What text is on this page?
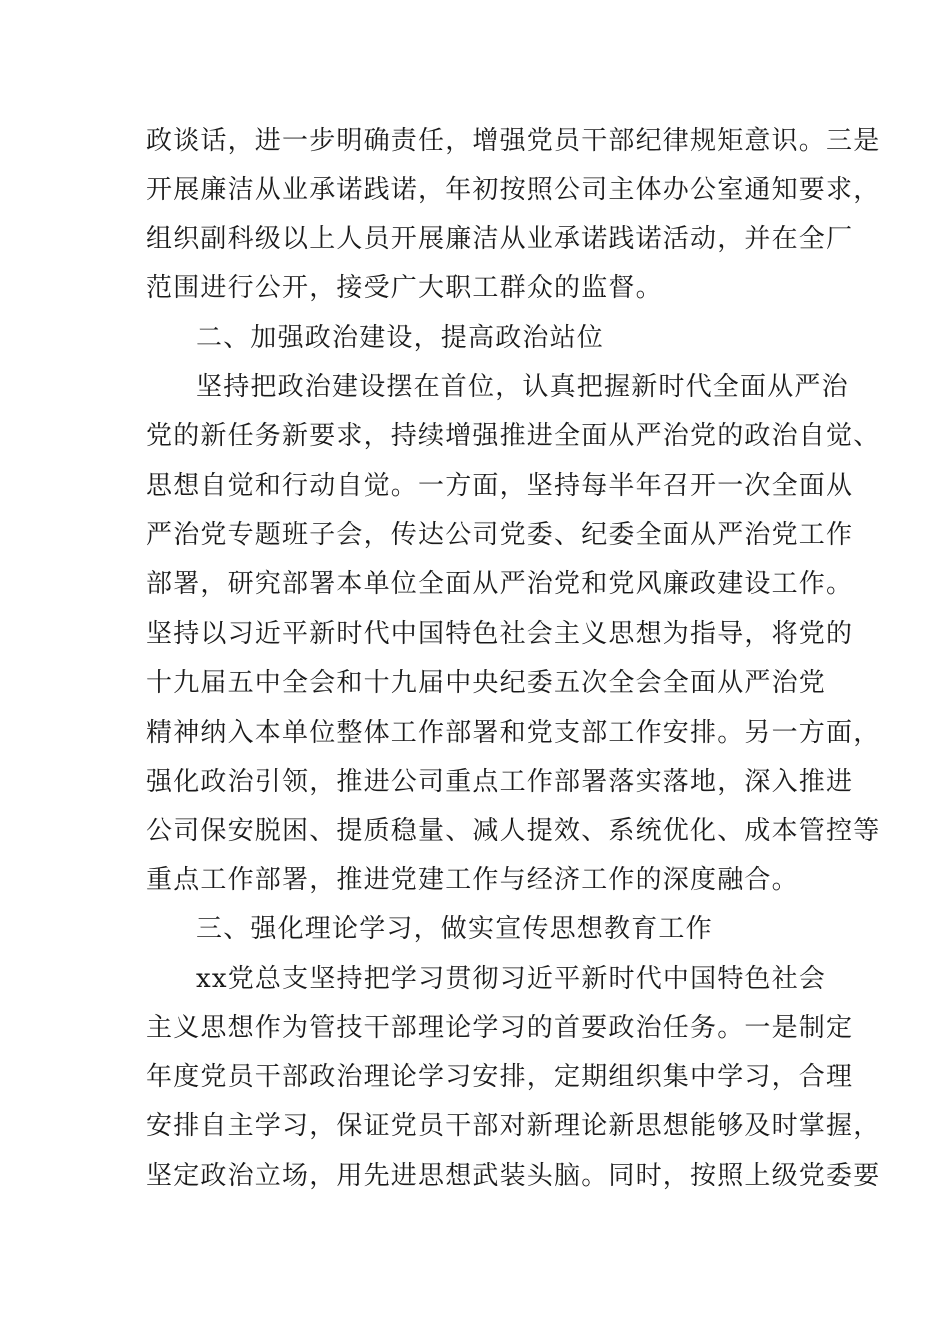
政谈话，进一步明确责任，增强党员干部纪律规矩意识。三是
开展廉洁从业承诺践诺，年初按照公司主体办公室通知要求，
组织副科级以上人员开展廉洁从业承诺践诺活动，并在全厂
范围进行公开，接受广大职工群众的监督。
二、加强政治建设，提高政治站位
坚持把政治建设摆在首位，认真把握新时代全面从严治
党的新任务新要求，持续增强推进全面从严治党的政治自觉、
思想自觉和行动自觉。一方面，坚持每半年召开一次全面从
严治党专题班子会，传达公司党委、纪委全面从严治党工作
部署，研究部署本单位全面从严治党和党风廉政建设工作。
坚持以习近平新时代中国特色社会主义思想为指导，将党的
十九届五中全会和十九届中央纪委五次全会全面从严治党
精神纳入本单位整体工作部署和党支部工作安排。另一方面，
强化政治引领，推进公司重点工作部署落实落地，深入推进
公司保安脱困、提质稳量、减人提效、系统优化、成本管控等
重点工作部署，推进党建工作与经济工作的深度融合。
三、强化理论学习，做实宣传思想教育工作
xx党总支坚持把学习贯彻习近平新时代中国特色社会
主义思想作为管技干部理论学习的首要政治任务。一是制定
年度党员干部政治理论学习安排，定期组织集中学习，合理
安排自主学习，保证党员干部对新理论新思想能够及时掌握，
坚定政治立场，用先进思想武装头脑。同时，按照上级党委要
